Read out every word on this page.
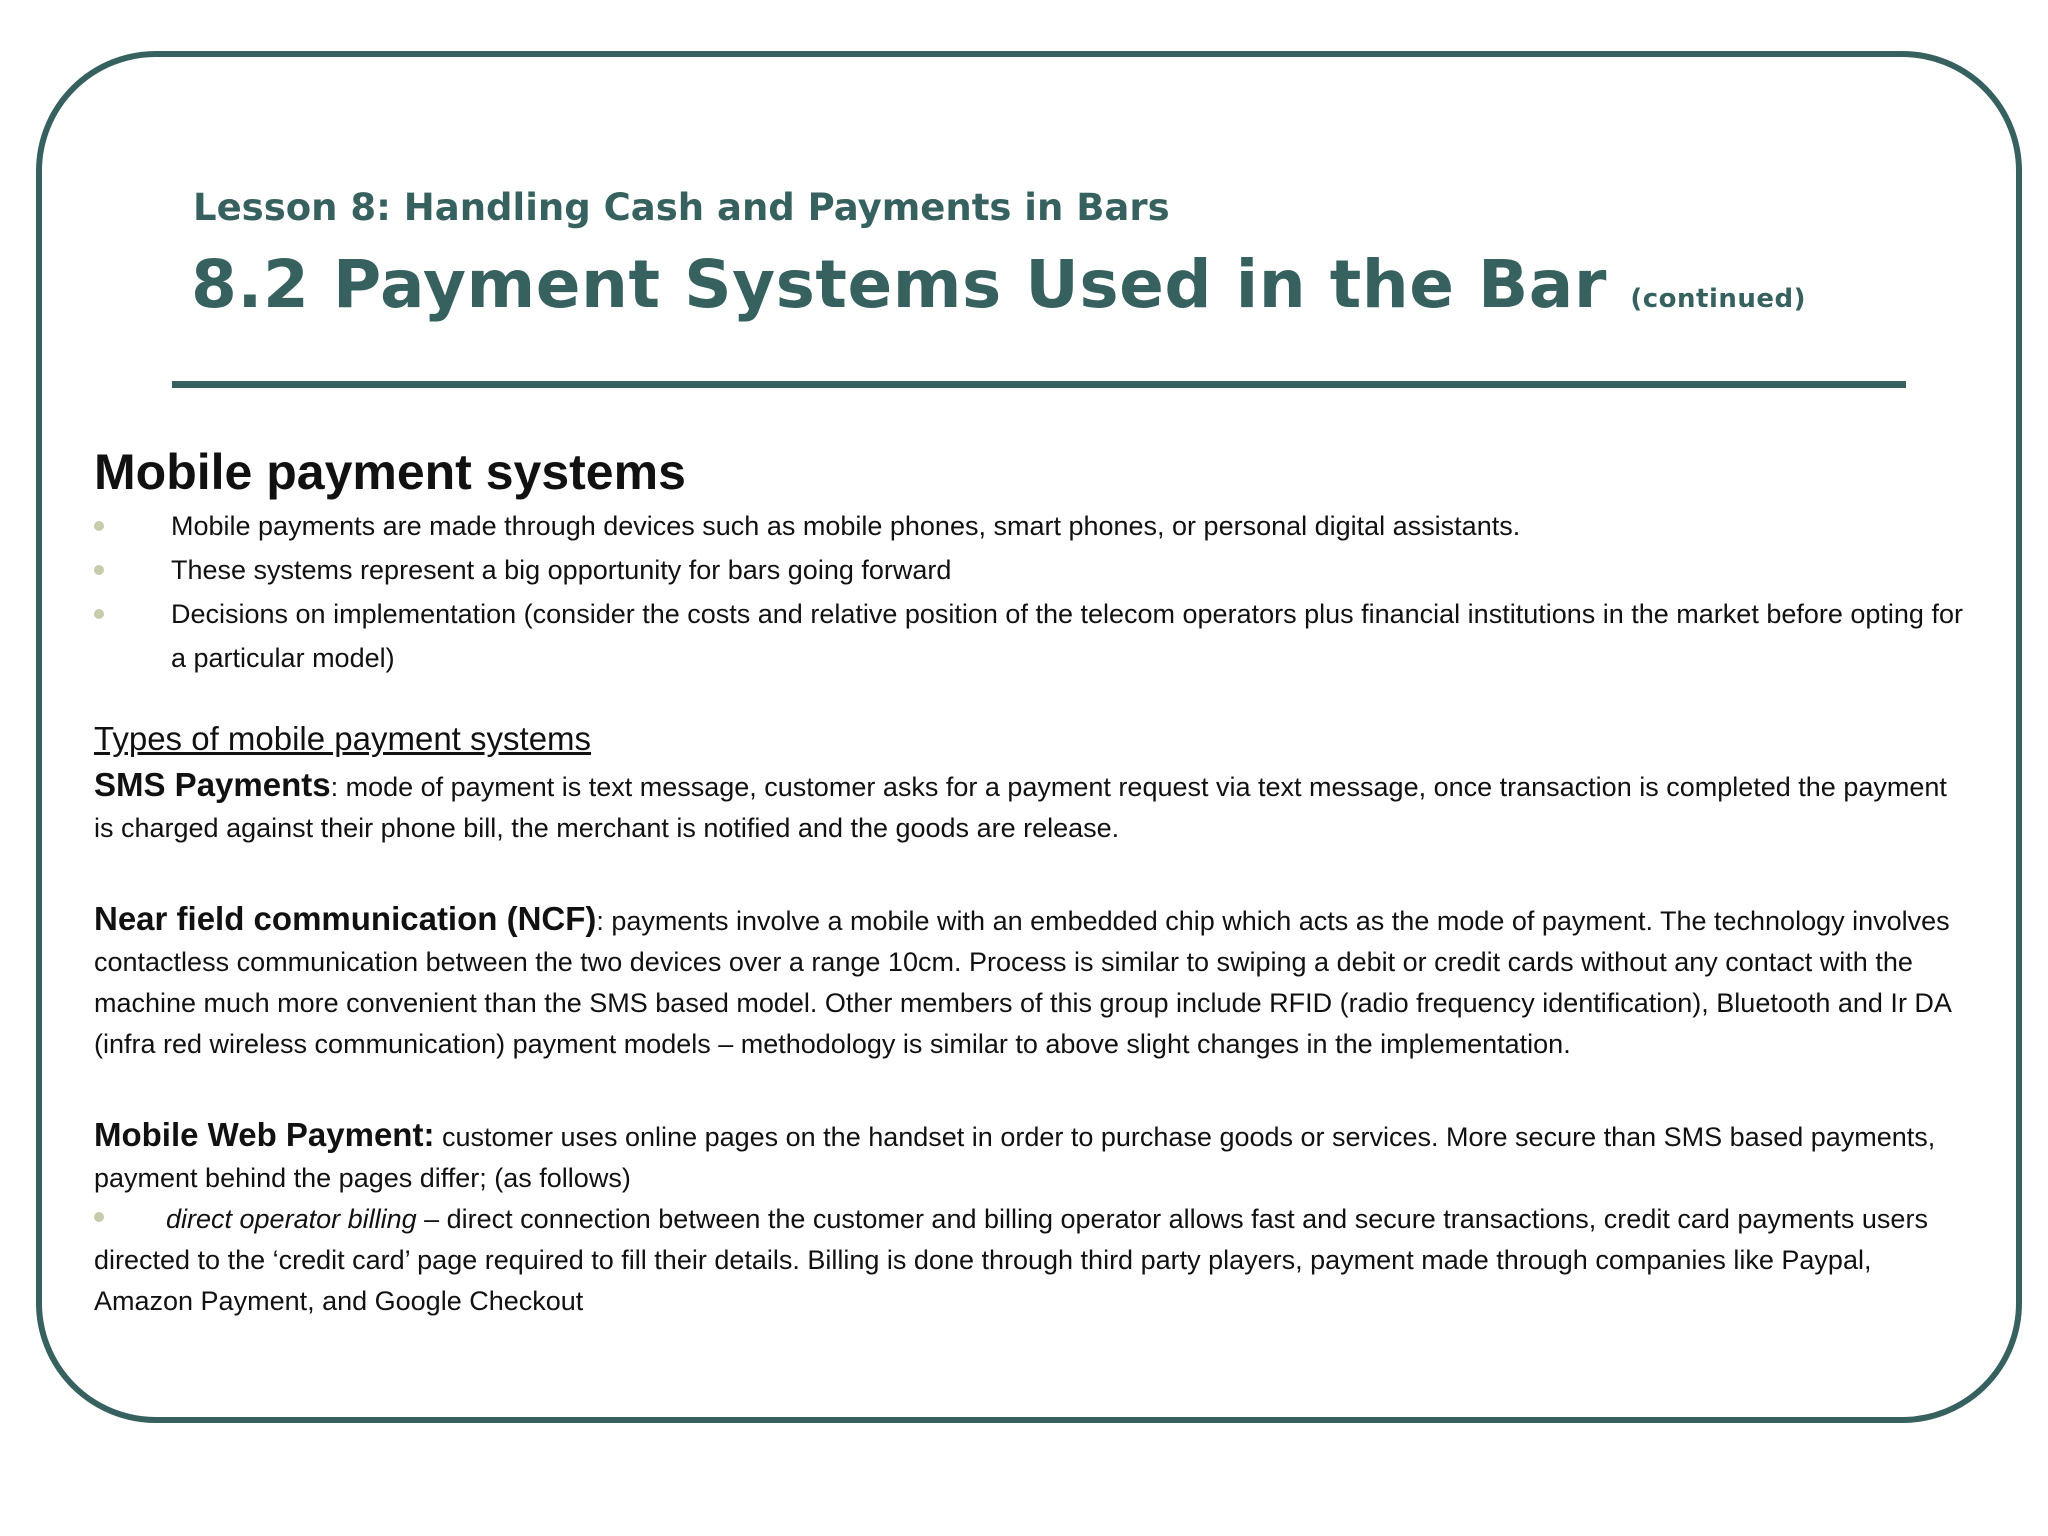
Lesson 8: Handling Cash and Payments in Bars
8.2 Payment Systems Used in the Bar (continued)
Mobile payment systems
Mobile payments are made through devices such as mobile phones, smart phones, or personal digital assistants.
These systems represent a big opportunity for bars going forward
Decisions on implementation (consider the costs and relative position of the telecom operators plus financial institutions in the market before opting for a particular model)
Types of mobile payment systems
SMS Payments: mode of payment is text message, customer asks for a payment request via text message, once transaction is completed the payment is charged against their phone bill, the merchant is notified and the goods are release.
Near field communication (NCF): payments involve a mobile with an embedded chip which acts as the mode of payment. The technology involves contactless communication between the two devices over a range 10cm. Process is similar to swiping a debit or credit cards without any contact with the machine much more convenient than the SMS based model. Other members of this group include RFID (radio frequency identification), Bluetooth and Ir DA (infra red wireless communication) payment models – methodology is similar to above slight changes in the implementation.
Mobile Web Payment: customer uses online pages on the handset in order to purchase goods or services. More secure than SMS based payments, payment behind the pages differ; (as follows)
direct operator billing – direct connection between the customer and billing operator allows fast and secure transactions, credit card payments users directed to the ‘credit card’ page required to fill their details. Billing is done through third party players, payment made through companies like Paypal, Amazon Payment, and Google Checkout
